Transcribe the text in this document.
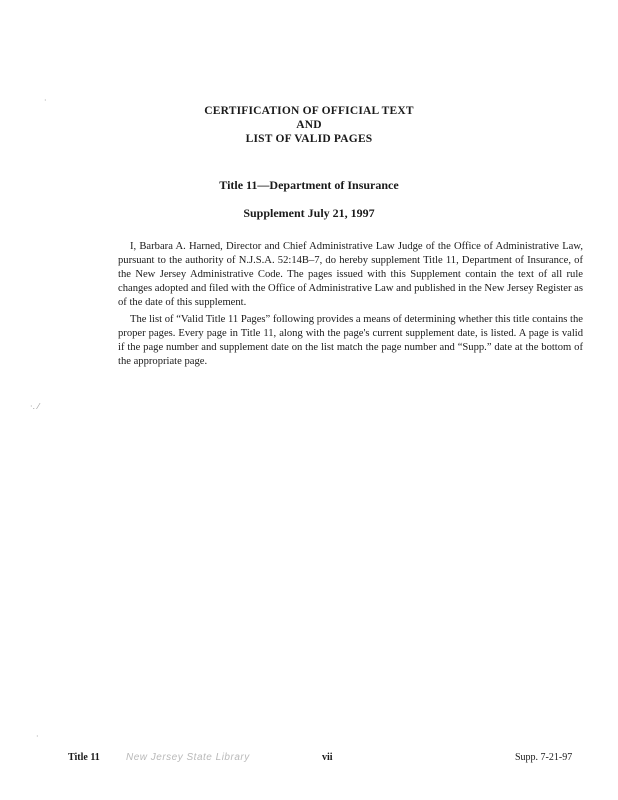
·
·. ⁄
·
CERTIFICATION OF OFFICIAL TEXT
AND
LIST OF VALID PAGES
Title 11—Department of Insurance
Supplement July 21, 1997

I, Barbara A. Harned, Director and Chief Administrative Law Judge of the Office of Administrative Law, pursuant to the authority of N.J.S.A. 52:14B–7, do hereby supplement Title 11, Department of Insurance, of the New Jersey Administrative Code. The pages issued with this Supplement contain the text of all rule changes adopted and filed with the Office of Administrative Law and published in the New Jersey Register as of the date of this supplement.

The list of “Valid Title 11 Pages” following provides a means of determining whether this title contains the proper pages. Every page in Title 11, along with the page's current supplement date, is listed. A page is valid if the page number and supplement date on the list match the page number and “Supp.” date at the bottom of the appropriate page.

Title 11	New Jersey State Library	vii	Supp. 7-21-97
